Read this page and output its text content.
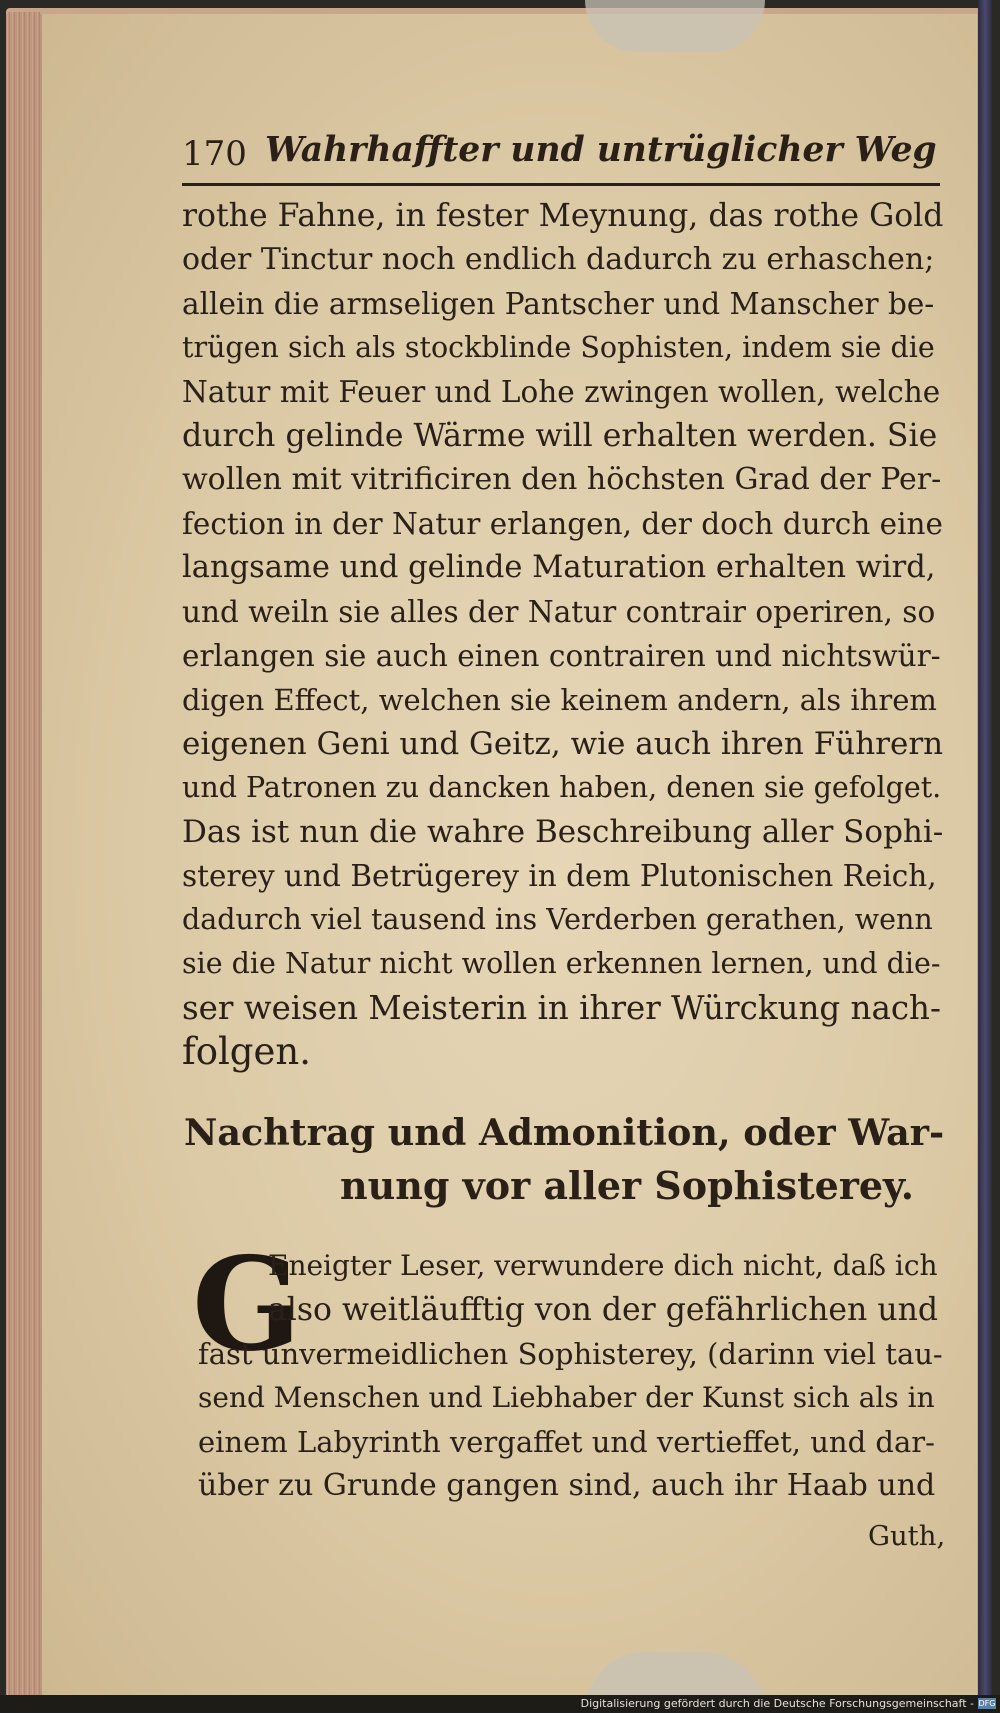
170 Wahrhaffter und untrüglicher Weg
rothe Fahne, in fester Meynung, das rothe Gold
oder Tinctur noch endlich dadurch zu erhaschen;
allein die armseligen Pantscher und Manscher be-
trügen sich als stockblinde Sophisten, indem sie die
Natur mit Feuer und Lohe zwingen wollen, welche
durch gelinde Wärme will erhalten werden. Sie
wollen mit vitrificiren den höchsten Grad der Per-
fection in der Natur erlangen, der doch durch eine
langsame und gelinde Maturation erhalten wird,
und weiln sie alles der Natur contrair operiren, so
erlangen sie auch einen contrairen und nichtswür-
digen Effect, welchen sie keinem andern, als ihrem
eigenen Geni und Geitz, wie auch ihren Führern
und Patronen zu dancken haben, denen sie gefolget.
Das ist nun die wahre Beschreibung aller Sophi-
sterey und Betrügerey in dem Plutonischen Reich,
dadurch viel tausend ins Verderben gerathen, wenn
sie die Natur nicht wollen erkennen lernen, und die-
ser weisen Meisterin in ihrer Würckung nach-
folgen.
Nachtrag und Admonition, oder War-
nung vor aller Sophisterey.
G
Eneigter Leser, verwundere dich nicht, daß ich
also weitläufftig von der gefährlichen und
fast unvermeidlichen Sophisterey, (darinn viel tau-
send Menschen und Liebhaber der Kunst sich als in
einem Labyrinth vergaffet und vertieffet, und dar-
über zu Grunde gangen sind, auch ihr Haab und
Guth,
Digitalisierung gefördert durch die Deutsche Forschungsgemeinschaft - DFG
